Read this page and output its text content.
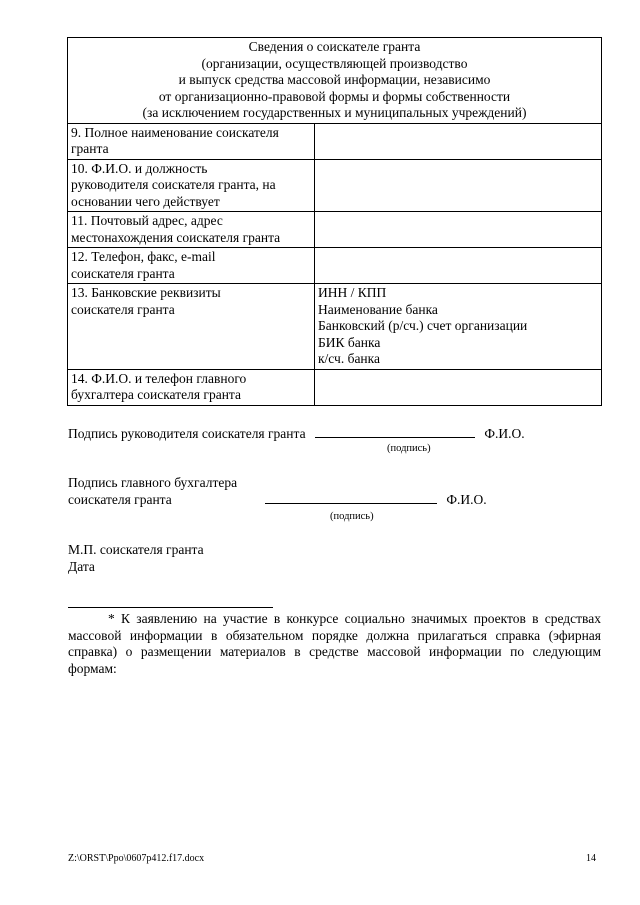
Сведения о соискателе гранта
(организации, осуществляющей производство
и выпуск средства массовой информации, независимо
от организационно-правовой формы и формы собственности
(за исключением государственных и муниципальных учреждений)	

9. Полное наименование соискателя
гранта	

10. Ф.И.О. и должность
руководителя соискателя гранта, на
основании чего действует	

11. Почтовый адрес, адрес
местонахождения соискателя гранта	

12. Телефон, факс, e-mail
соискателя гранта	

13. Банковские реквизиты
соискателя гранта	ИНН / КПП
Наименование банка
Банковский (р/сч.) счет организации
БИК банка
к/сч. банка

14. Ф.И.О. и телефон главного
бухгалтера соискателя гранта	

Подпись руководителя соискателя гранта	Ф.И.О.
(подпись)
Подпись главного бухгалтера
соискателя гранта	Ф.И.О.
(подпись)
М.П. соискателя гранта
Дата
* К заявлению на участие в конкурсе социально значимых проектов в средствах массовой информации в обязательном порядке должна прилагаться справка (эфирная справка) о размещении материалов в средстве массовой информации по следующим формам:
Z:\ORST\Ppo\0607p412.f17.docx	14
